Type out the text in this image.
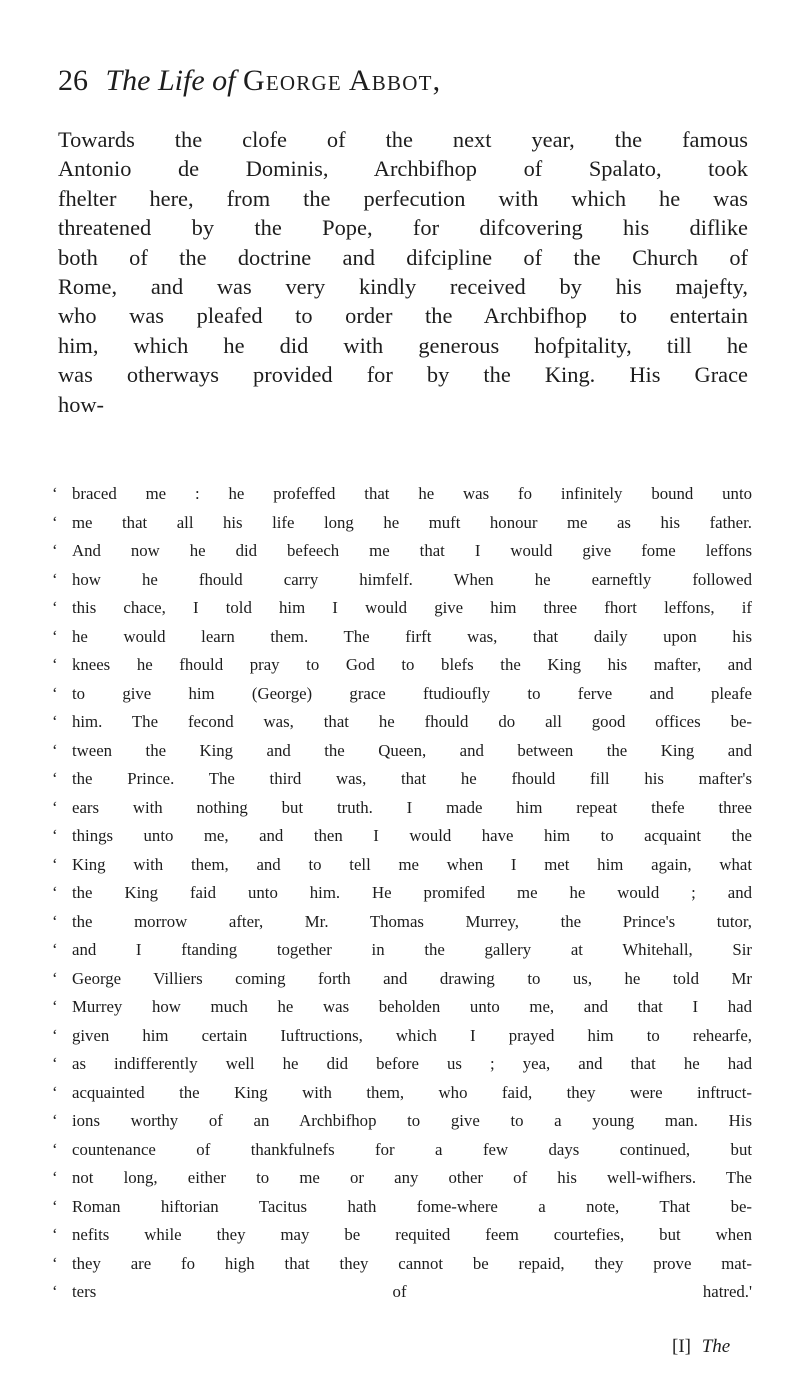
26 The Life of George Abbot,
Towards the clofe of the next year, the famous
Antonio de Dominis, Archbifhop of Spalato, took
fhelter here, from the perfecution with which he was
threatened by the Pope, for difcovering his diflike
both of the doctrine and difcipline of the Church of
Rome, and was very kindly received by his majefty,
who was pleafed to order the Archbifhop to entertain
him, which he did with generous hofpitality, till he
was otherways provided for by the King. His Grace
how-
‘ braced me : he profeffed that he was fo infinitely bound unto
‘ me that all his life long he muft honour me as his father.
‘ And now he did befeech me that I would give fome leffons
‘ how he fhould carry himfelf. When he earneftly followed
‘ this chace, I told him I would give him three fhort leffons, if
‘ he would learn them. The firft was, that daily upon his
‘ knees he fhould pray to God to blefs the King his mafter, and
‘ to give him (George) grace ftudioufly to ferve and pleafe
‘ him. The fecond was, that he fhould do all good offices be-
‘ tween the King and the Queen, and between the King and
‘ the Prince. The third was, that he fhould fill his mafter's
‘ ears with nothing but truth. I made him repeat thefe three
‘ things unto me, and then I would have him to acquaint the
‘ King with them, and to tell me when I met him again, what
‘ the King faid unto him. He promifed me he would ; and
‘ the morrow after, Mr. Thomas Murrey, the Prince's tutor,
‘ and I ftanding together in the gallery at Whitehall, Sir
‘ George Villiers coming forth and drawing to us, he told Mr
‘ Murrey how much he was beholden unto me, and that I had
‘ given him certain Iuftructions, which I prayed him to rehearfe,
‘ as indifferently well he did before us ; yea, and that he had
‘ acquainted the King with them, who faid, they were inftruct-
‘ ions worthy of an Archbifhop to give to a young man. His
‘ countenance of thankfulnefs for a few days continued, but
‘ not long, either to me or any other of his well-wifhers. The
‘ Roman hiftorian Tacitus hath fome-where a note, That be-
‘ nefits while they may be requited feem courtefies, but when
‘ they are fo high that they cannot be repaid, they prove mat-
‘ ters of hatred.'
[I] The
